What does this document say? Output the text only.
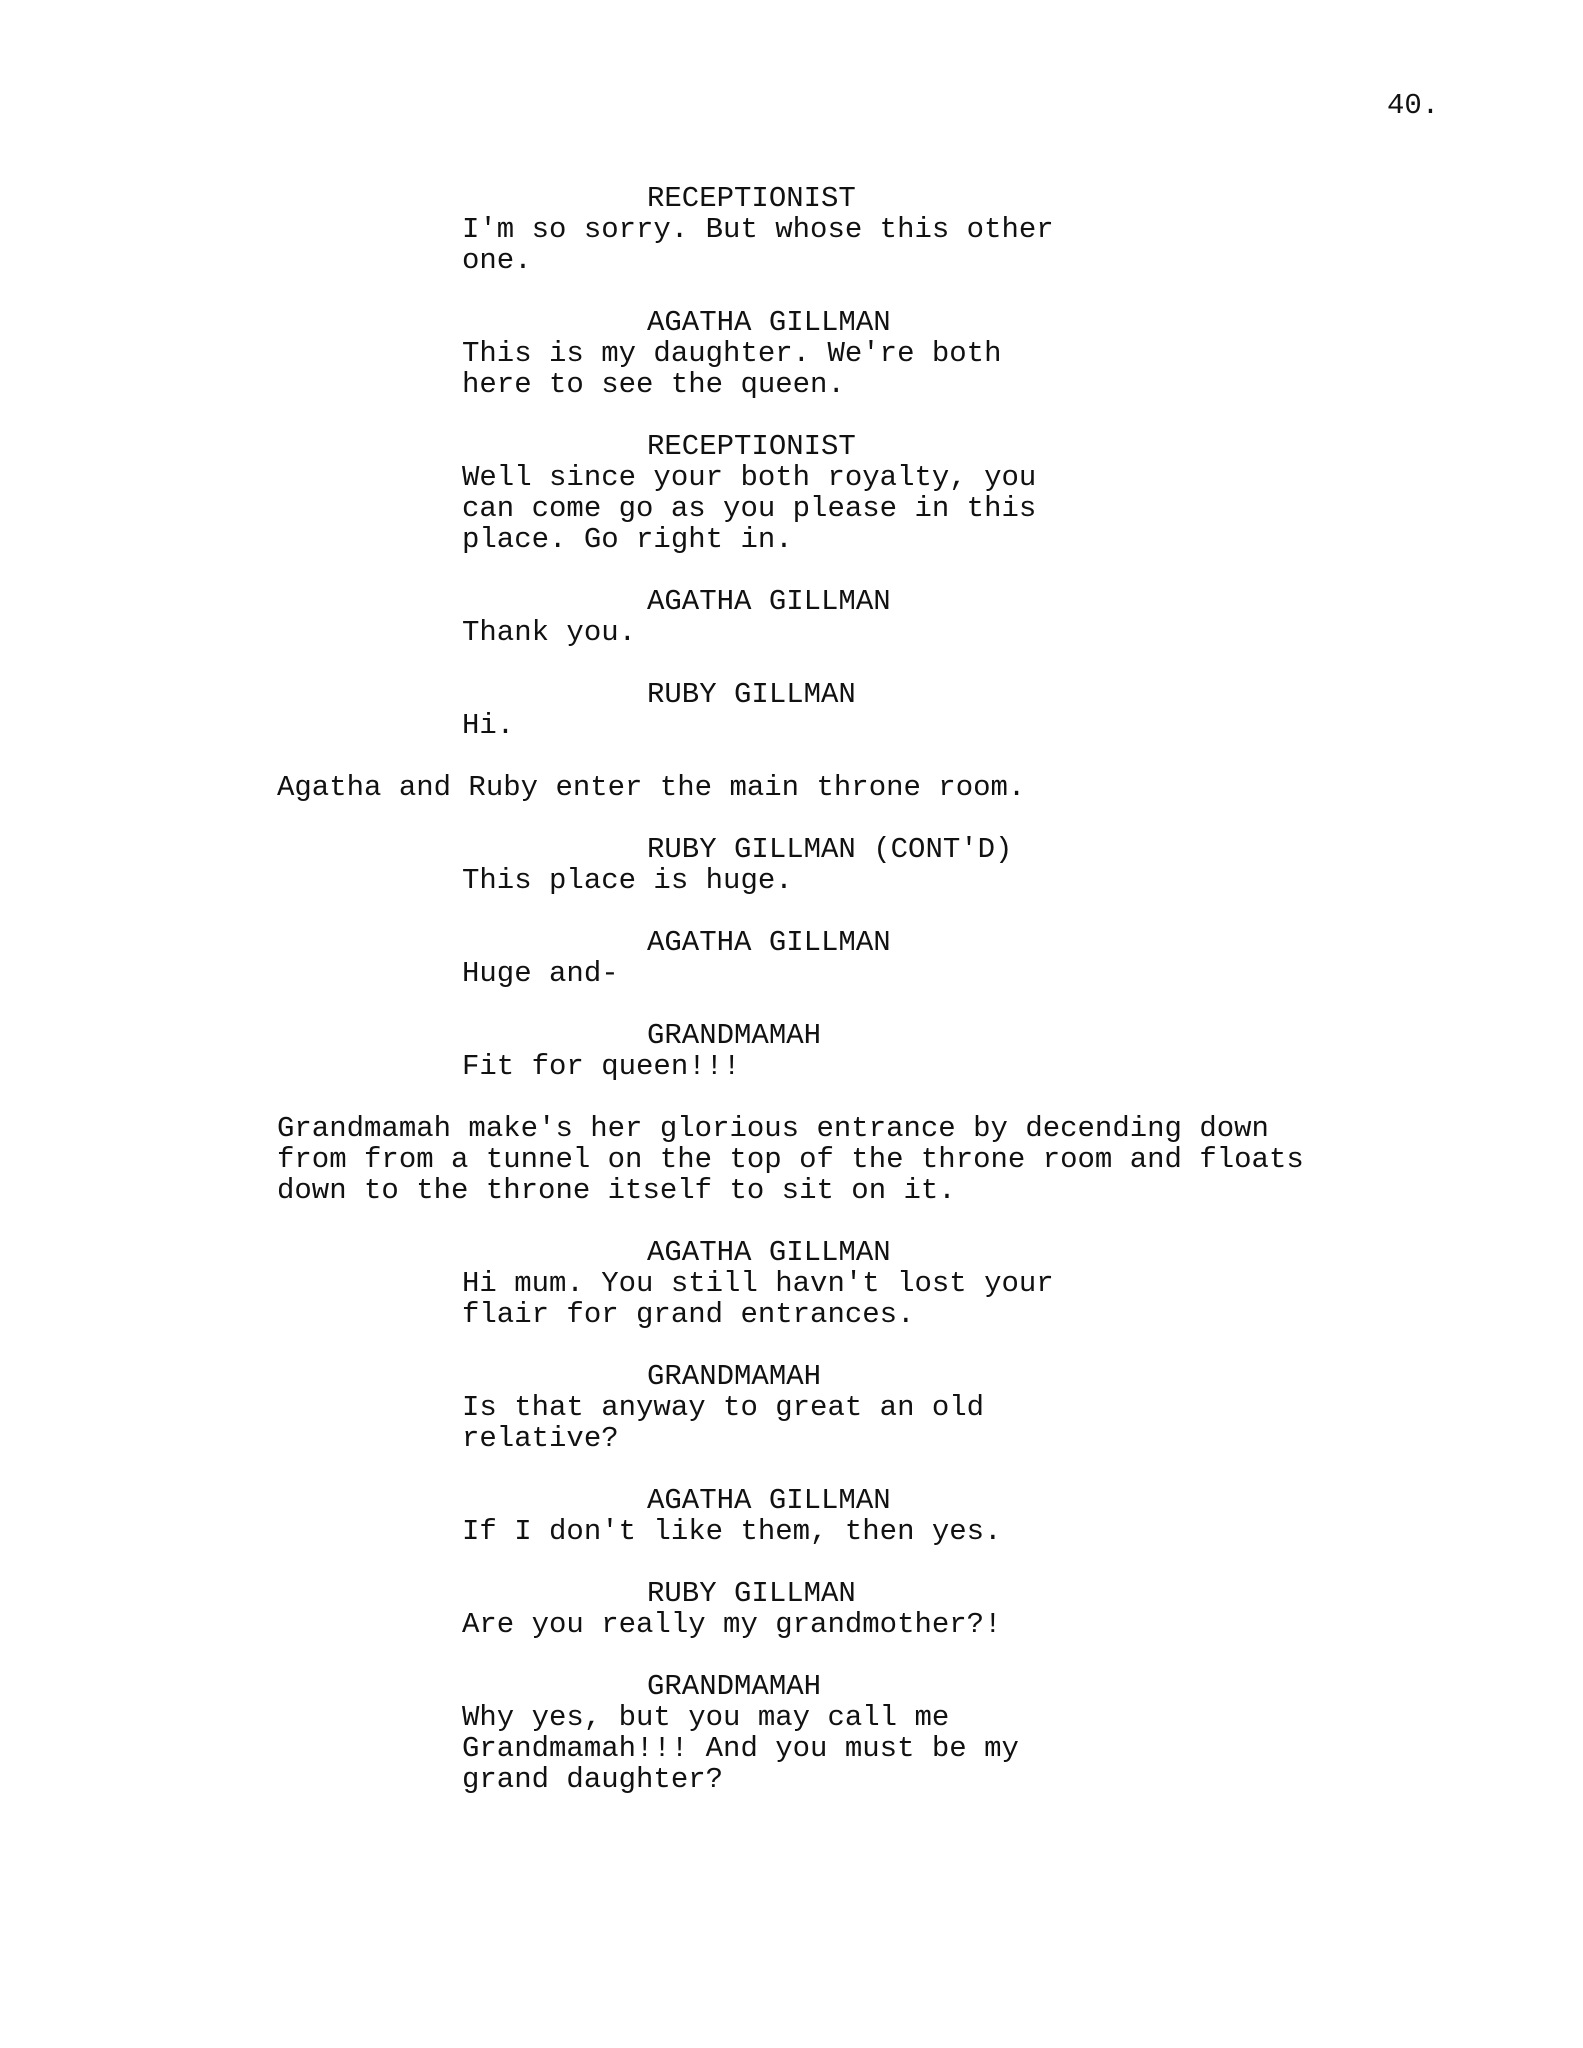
40.
RECEPTIONIST
I'm so sorry. But whose this other
one.
AGATHA GILLMAN
This is my daughter. We're both
here to see the queen.
RECEPTIONIST
Well since your both royalty, you
can come go as you please in this
place. Go right in.
AGATHA GILLMAN
Thank you.
RUBY GILLMAN
Hi.
Agatha and Ruby enter the main throne room.
RUBY GILLMAN (CONT'D)
This place is huge.
AGATHA GILLMAN
Huge and-
GRANDMAMAH
Fit for queen!!!
Grandmamah make's her glorious entrance by decending down
from from a tunnel on the top of the throne room and floats
down to the throne itself to sit on it.
AGATHA GILLMAN
Hi mum. You still havn't lost your
flair for grand entrances.
GRANDMAMAH
Is that anyway to great an old
relative?
AGATHA GILLMAN
If I don't like them, then yes.
RUBY GILLMAN
Are you really my grandmother?!
GRANDMAMAH
Why yes, but you may call me
Grandmamah!!! And you must be my
grand daughter?
